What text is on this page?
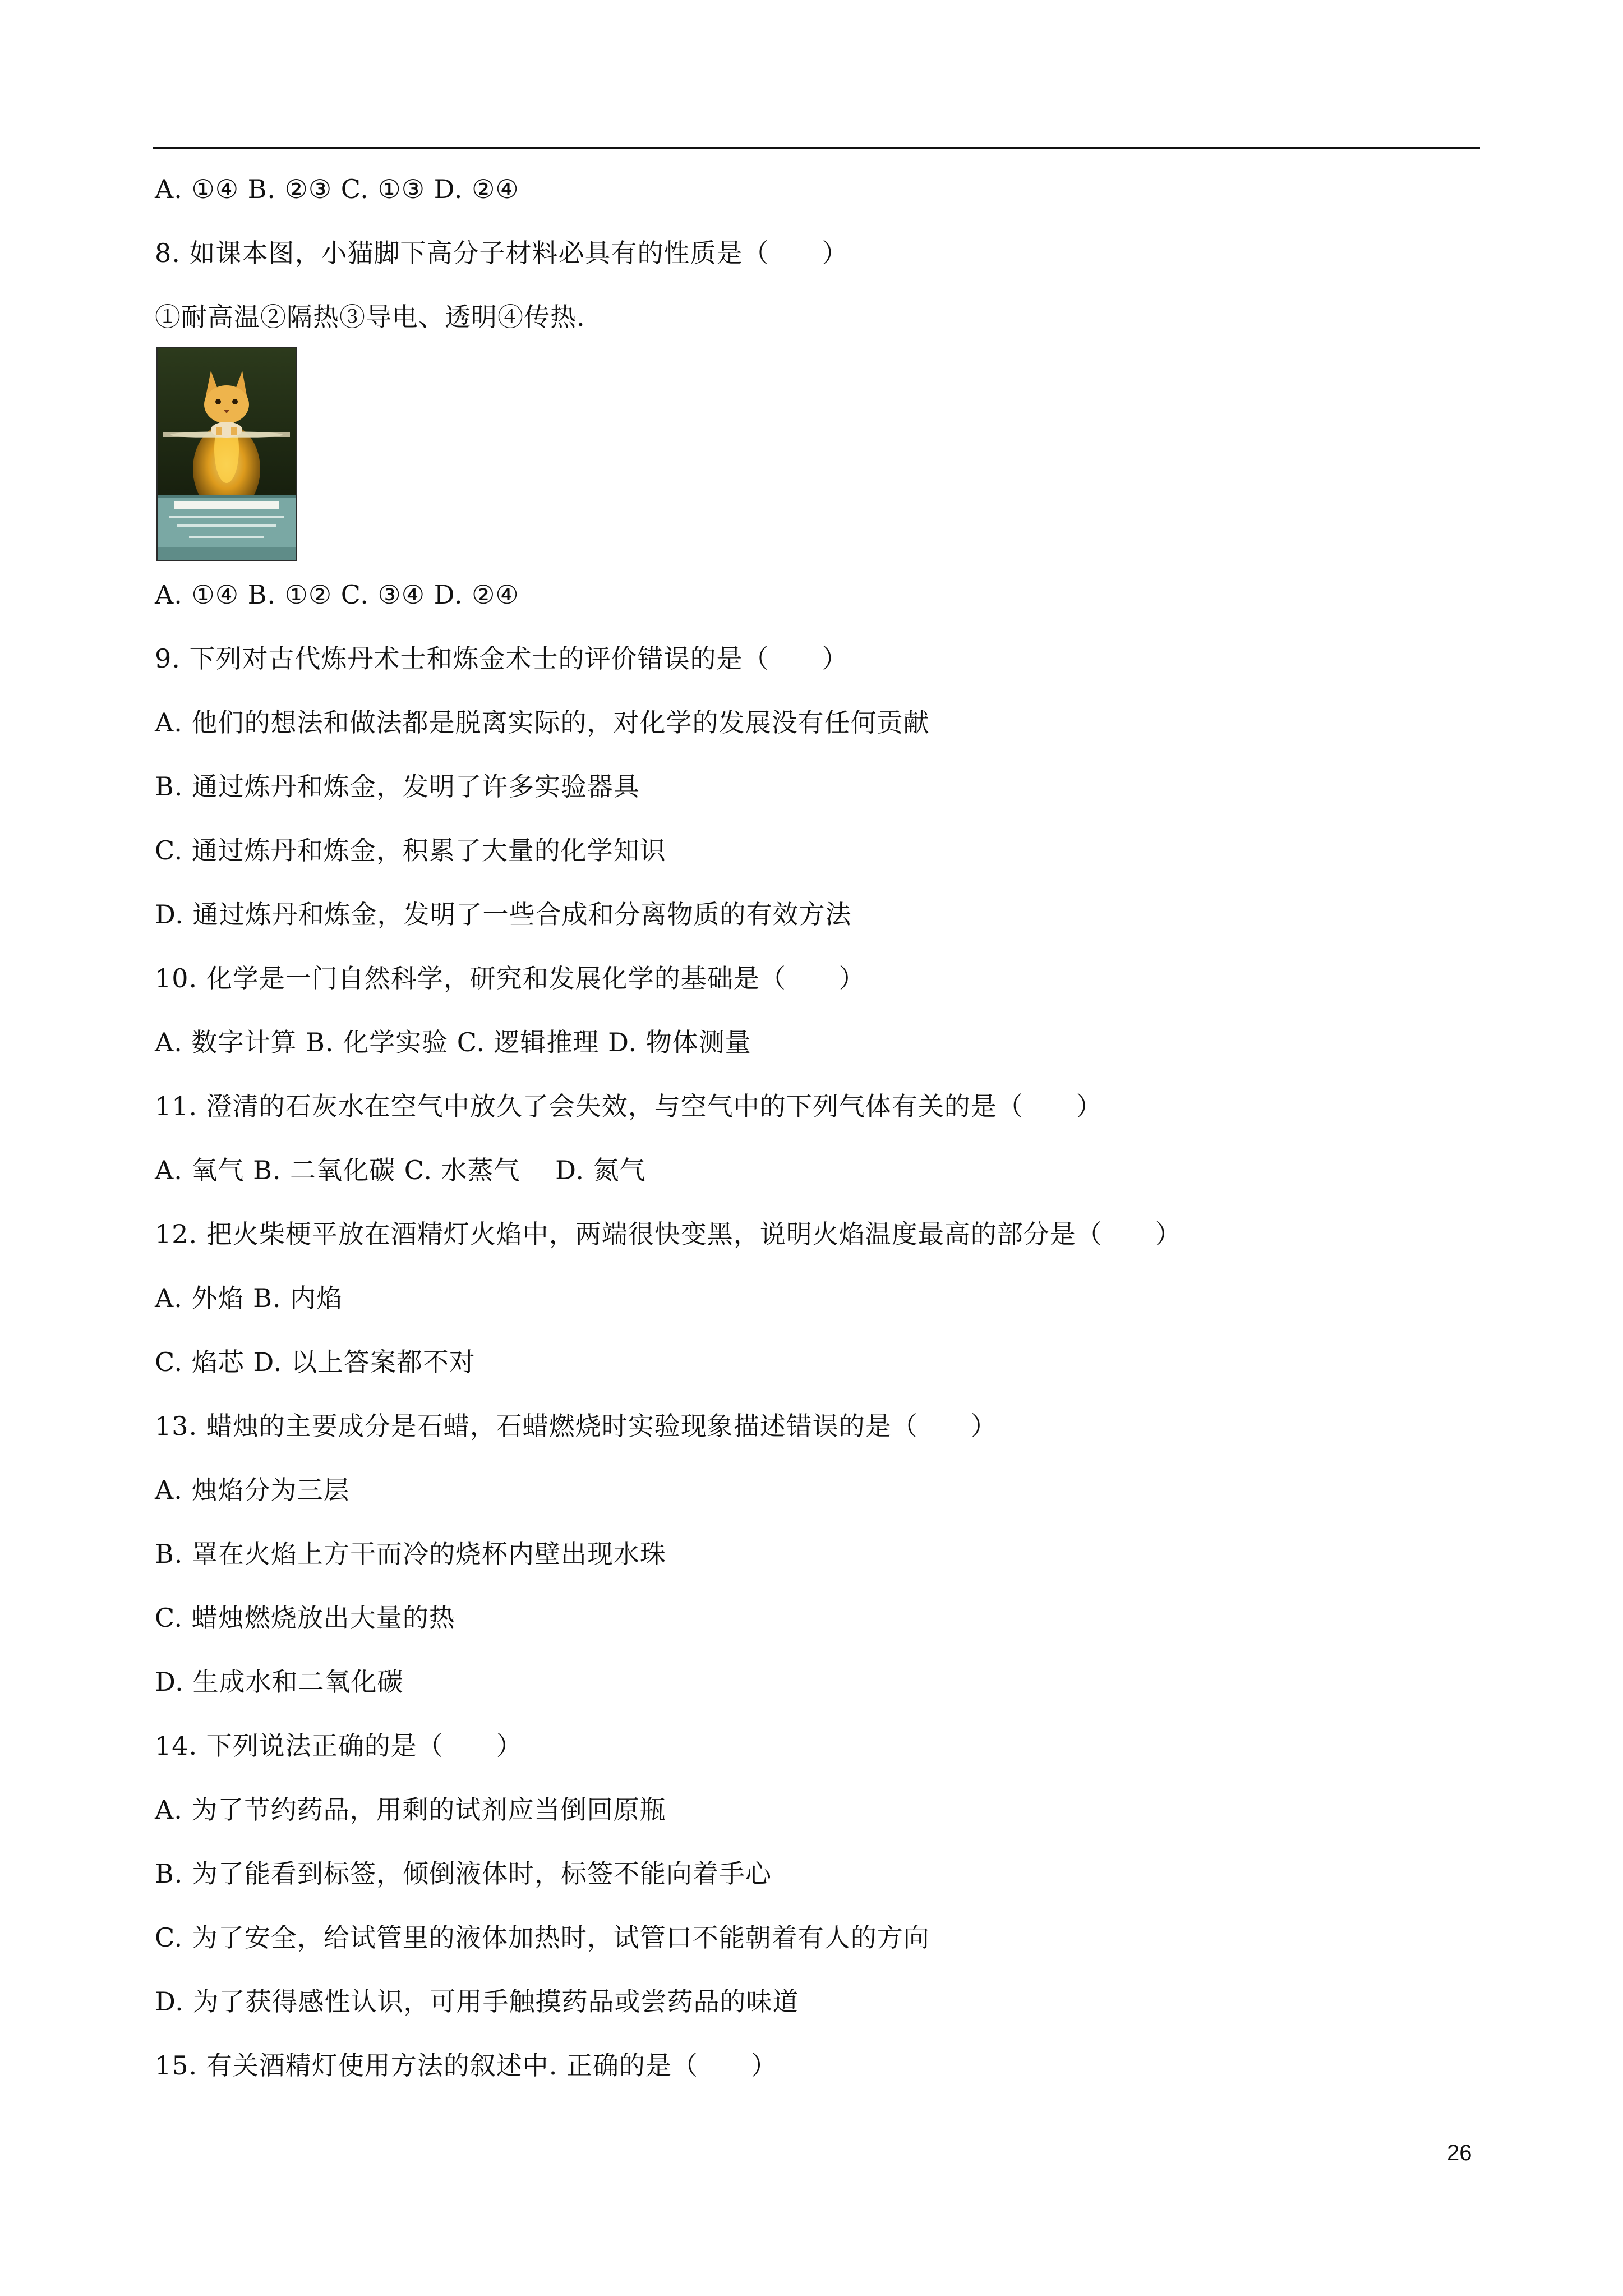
A. ①④ B. ②③ C. ①③ D. ②④
8. 如课本图，小猫脚下高分子材料必具有的性质是（　　）
①耐高温②隔热③导电、透明④传热.
A. ①④ B. ①② C. ③④ D. ②④
9. 下列对古代炼丹术士和炼金术士的评价错误的是（　　）
A. 他们的想法和做法都是脱离实际的，对化学的发展没有任何贡献
B. 通过炼丹和炼金，发明了许多实验器具
C. 通过炼丹和炼金，积累了大量的化学知识
D. 通过炼丹和炼金，发明了一些合成和分离物质的有效方法
10. 化学是一门自然科学，研究和发展化学的基础是（　　）
A. 数字计算 B. 化学实验 C. 逻辑推理 D. 物体测量
11. 澄清的石灰水在空气中放久了会失效，与空气中的下列气体有关的是（　　）
A. 氧气 B. 二氧化碳 C. 水蒸气　 D. 氮气
12. 把火柴梗平放在酒精灯火焰中，两端很快变黑，说明火焰温度最高的部分是（　　）
A. 外焰 B. 内焰
C. 焰芯 D. 以上答案都不对
13. 蜡烛的主要成分是石蜡，石蜡燃烧时实验现象描述错误的是（　　）
A. 烛焰分为三层
B. 罩在火焰上方干而冷的烧杯内壁出现水珠
C. 蜡烛燃烧放出大量的热
D. 生成水和二氧化碳
14. 下列说法正确的是（　　）
A. 为了节约药品，用剩的试剂应当倒回原瓶
B. 为了能看到标签，倾倒液体时，标签不能向着手心
C. 为了安全，给试管里的液体加热时，试管口不能朝着有人的方向
D. 为了获得感性认识，可用手触摸药品或尝药品的味道
15. 有关酒精灯使用方法的叙述中. 正确的是（　　）
26
